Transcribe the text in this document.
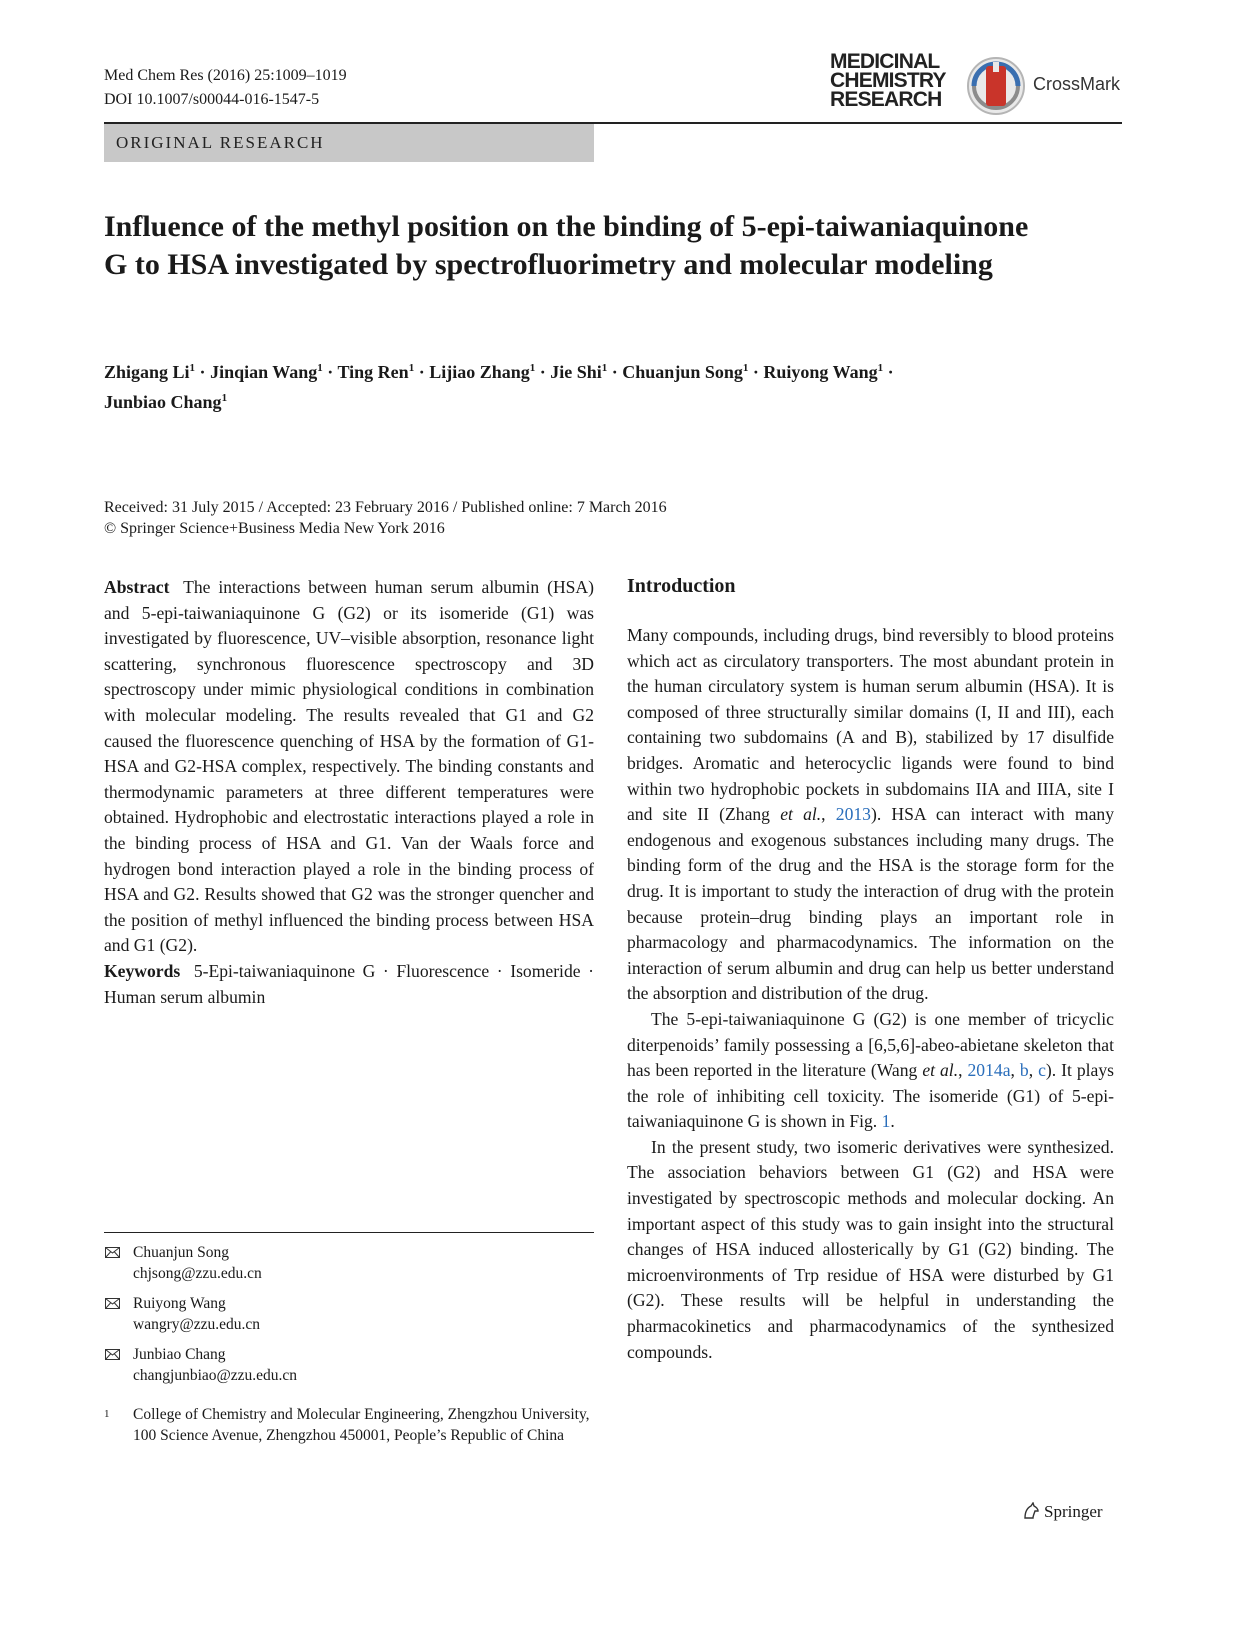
Med Chem Res (2016) 25:1009–1019
DOI 10.1007/s00044-016-1547-5
MEDICINAL
CHEMISTRY
RESEARCH
CrossMark
ORIGINAL RESEARCH
Influence of the methyl position on the binding of 5-epi-taiwaniaquinone G to HSA investigated by spectrofluorimetry and molecular modeling
Zhigang $Li^1$ · Jinqian Wang$^1$ · Ting Ren$^1$ · Lijiao Zhang$^1$ · Jie Shi$^1$ · Chuanjun Song$^1$ · Ruiyong Wang$^1$ ·
Junbiao Chang$^1$
Received: 31 July 2015 / Accepted: 23 February 2016 / Published online: 7 March 2016
© Springer Science+Business Media New York 2016

Abstract The interactions between human serum albumin (HSA) and 5-epi-taiwaniaquinone G (G2) or its isomeride (G1) was investigated by fluorescence, UV–visible absorption, resonance light scattering, synchronous fluorescence spectroscopy and 3D spectroscopy under mimic physiological conditions in combination with molecular modeling. The results revealed that G1 and G2 caused the fluorescence quenching of HSA by the formation of G1-HSA and G2-HSA complex, respectively. The binding constants and thermodynamic parameters at three different temperatures were obtained. Hydrophobic and electrostatic interactions played a role in the binding process of HSA and G1. Van der Waals force and hydrogen bond interaction played a role in the binding process of HSA and G2. Results showed that G2 was the stronger quencher and the position of methyl influenced the binding process between HSA and G1 (G2).

Keywords 5-Epi-taiwaniaquinone G · Fluorescence · Isomeride · Human serum albumin

Chuanjun Song
chjsong@zzu.edu.cn
Ruiyong Wang
wangry@zzu.edu.cn
Junbiao Chang
changjunbiao@zzu.edu.cn
1 College of Chemistry and Molecular Engineering, Zhengzhou University, 100 Science Avenue, Zhengzhou 450001, People’s Republic of China
Introduction

Many compounds, including drugs, bind reversibly to blood proteins which act as circulatory transporters. The most abundant protein in the human circulatory system is human serum albumin (HSA). It is composed of three structurally similar domains (I, II and III), each containing two subdomains (A and B), stabilized by 17 disulfide bridges. Aromatic and heterocyclic ligands were found to bind within two hydrophobic pockets in subdomains IIA and IIIA, site I and site II (Zhang et al., 2013). HSA can interact with many endogenous and exogenous substances including many drugs. The binding form of the drug and the HSA is the storage form for the drug. It is important to study the interaction of drug with the protein because protein–drug binding plays an important role in pharmacology and pharmacodynamics. The information on the interaction of serum albumin and drug can help us better understand the absorption and distribution of the drug.

The 5-epi-taiwaniaquinone G (G2) is one member of tricyclic diterpenoids’ family possessing a [6,5,6]-abeo-abietane skeleton that has been reported in the literature (Wang et al., 2014a, b, c). It plays the role of inhibiting cell toxicity. The isomeride (G1) of 5-epi-taiwaniaquinone G is shown in Fig. 1.

In the present study, two isomeric derivatives were synthesized. The association behaviors between G1 (G2) and HSA were investigated by spectroscopic methods and molecular docking. An important aspect of this study was to gain insight into the structural changes of HSA induced allosterically by G1 (G2) binding. The microenvironments of Trp residue of HSA were disturbed by G1 (G2). These results will be helpful in understanding the pharmacokinetics and pharmacodynamics of the synthesized compounds.

Springer
